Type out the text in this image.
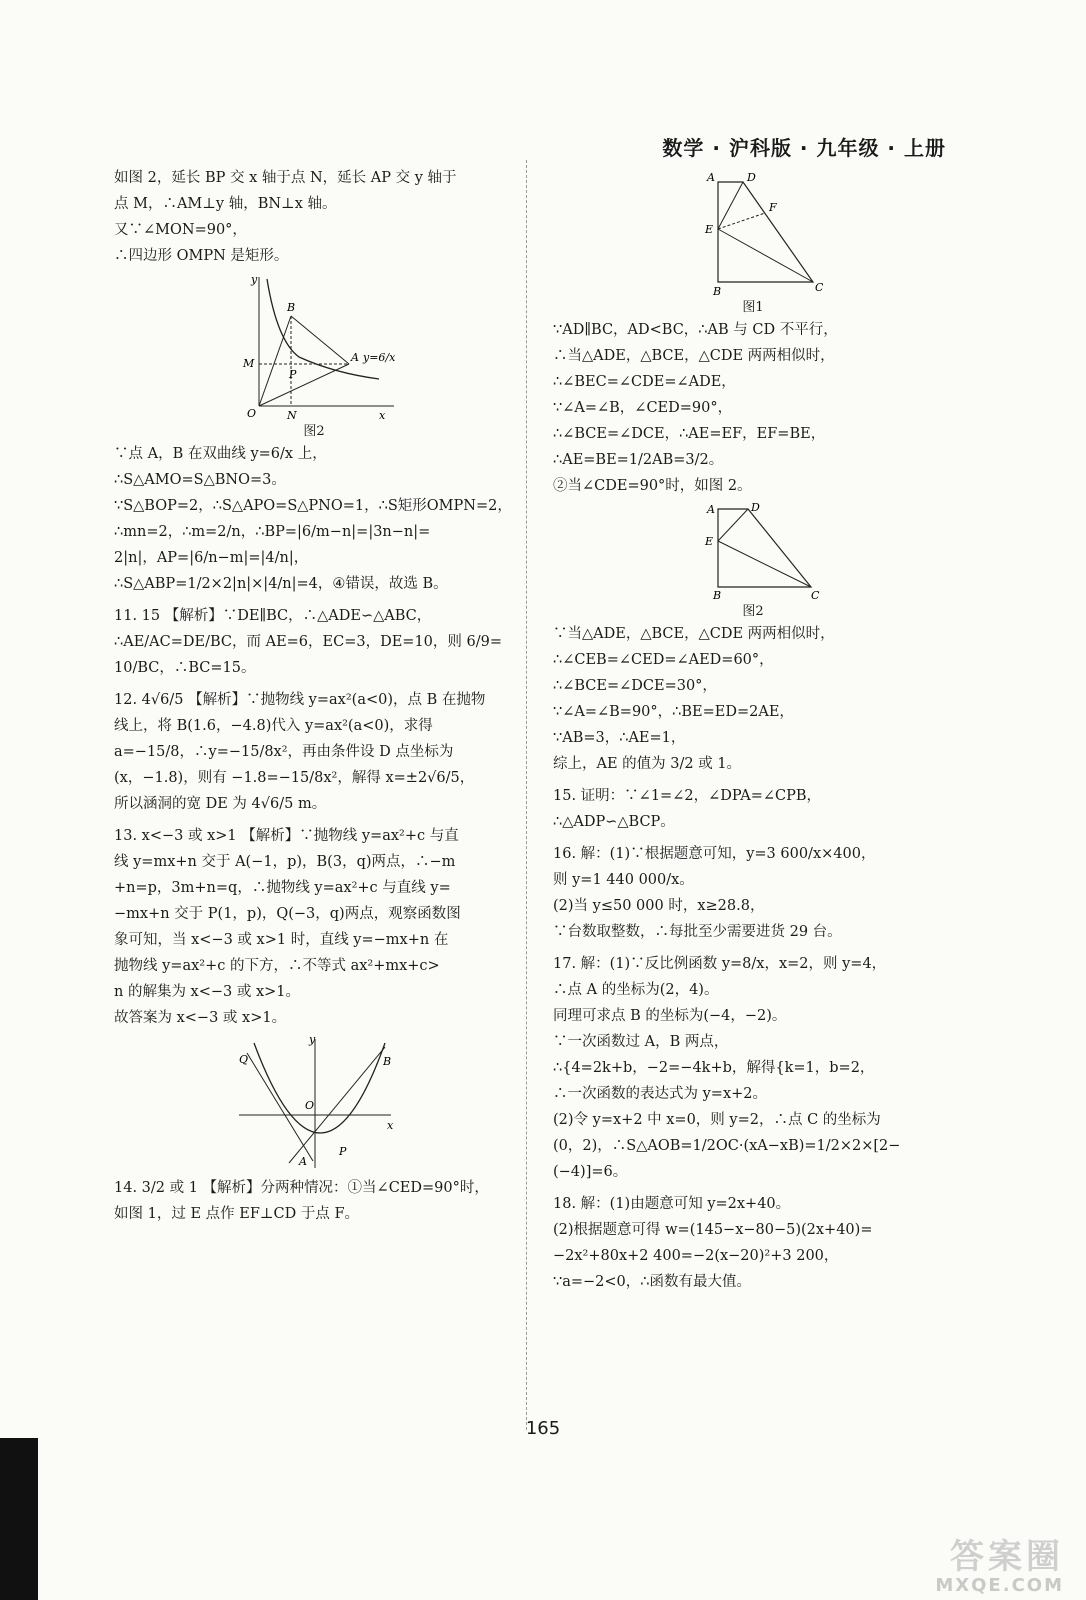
数学 · 沪科版 · 九年级 · 上册
如图 2，延长 BP 交 x 轴于点 N，延长 AP 交 y 轴于
点 M，∴AM⊥y 轴，BN⊥x 轴。
又∵∠MON=90°，
∴四边形 OMPN 是矩形。
y
B
M
P
A y=6/x
O	N	x
图2
∵点 A，B 在双曲线 y=6/x 上，
∴S△AMO=S△BNO=3。
∵S△BOP=2，∴S△APO=S△PNO=1，∴S矩形OMPN=2，
∴mn=2，∴m=2/n，∴BP=|6/m−n|=|3n−n|=
2|n|，AP=|6/n−m|=|4/n|，
∴S△ABP=1/2×2|n|×|4/n|=4，④错误，故选 B。
11. 15 【解析】∵DE∥BC，∴△ADE∽△ABC，
∴AE/AC=DE/BC，而 AE=6，EC=3，DE=10，则 6/9=
10/BC，∴BC=15。
12. 4√6/5 【解析】∵抛物线 y=ax²(a<0)，点 B 在抛物
线上，将 B(1.6，−4.8)代入 y=ax²(a<0)，求得
a=−15/8，∴y=−15/8x²，再由条件设 D 点坐标为
(x，−1.8)，则有 −1.8=−15/8x²，解得 x=±2√6/5，
所以涵洞的宽 DE 为 4√6/5 m。
13. x<−3 或 x>1 【解析】∵抛物线 y=ax²+c 与直
线 y=mx+n 交于 A(−1，p)，B(3，q)两点，∴−m
+n=p，3m+n=q，∴抛物线 y=ax²+c 与直线 y=
−mx+n 交于 P(1，p)，Q(−3，q)两点，观察函数图
象可知，当 x<−3 或 x>1 时，直线 y=−mx+n 在
抛物线 y=ax²+c 的下方，∴不等式 ax²+mx+c>
n 的解集为 x<−3 或 x>1。
故答案为 x<−3 或 x>1。
y
Q	B
O
x
A
P
14. 3/2 或 1 【解析】分两种情况：①当∠CED=90°时，
如图 1，过 E 点作 EF⊥CD 于点 F。
A	D
F
E
B	C
图1
∵AD∥BC，AD<BC，∴AB 与 CD 不平行，
∴当△ADE，△BCE，△CDE 两两相似时，
∴∠BEC=∠CDE=∠ADE，
∵∠A=∠B，∠CED=90°，
∴∠BCE=∠DCE，∴AE=EF，EF=BE，
∴AE=BE=1/2AB=3/2。
②当∠CDE=90°时，如图 2。
A	D
E
B	C
图2
∵当△ADE，△BCE，△CDE 两两相似时，
∴∠CEB=∠CED=∠AED=60°，
∴∠BCE=∠DCE=30°，
∵∠A=∠B=90°，∴BE=ED=2AE，
∵AB=3，∴AE=1，
综上，AE 的值为 3/2 或 1。
15. 证明：∵∠1=∠2，∠DPA=∠CPB，
∴△ADP∽△BCP。
16. 解：(1)∵根据题意可知，y=3 600/x×400，
则 y=1 440 000/x。
(2)当 y≤50 000 时，x≥28.8，
∵台数取整数，∴每批至少需要进货 29 台。
17. 解：(1)∵反比例函数 y=8/x，x=2，则 y=4，
∴点 A 的坐标为(2，4)。
同理可求点 B 的坐标为(−4，−2)。
∵一次函数过 A，B 两点，
∴{4=2k+b，−2=−4k+b，解得{k=1，b=2，
∴一次函数的表达式为 y=x+2。
(2)令 y=x+2 中 x=0，则 y=2，∴点 C 的坐标为
(0，2)，∴S△AOB=1/2OC·(xA−xB)=1/2×2×[2−
(−4)]=6。
18. 解：(1)由题意可知 y=2x+40。
(2)根据题意可得 w=(145−x−80−5)(2x+40)=
−2x²+80x+2 400=−2(x−20)²+3 200，
∵a=−2<0，∴函数有最大值。
165
答案圈
MXQE.COM
